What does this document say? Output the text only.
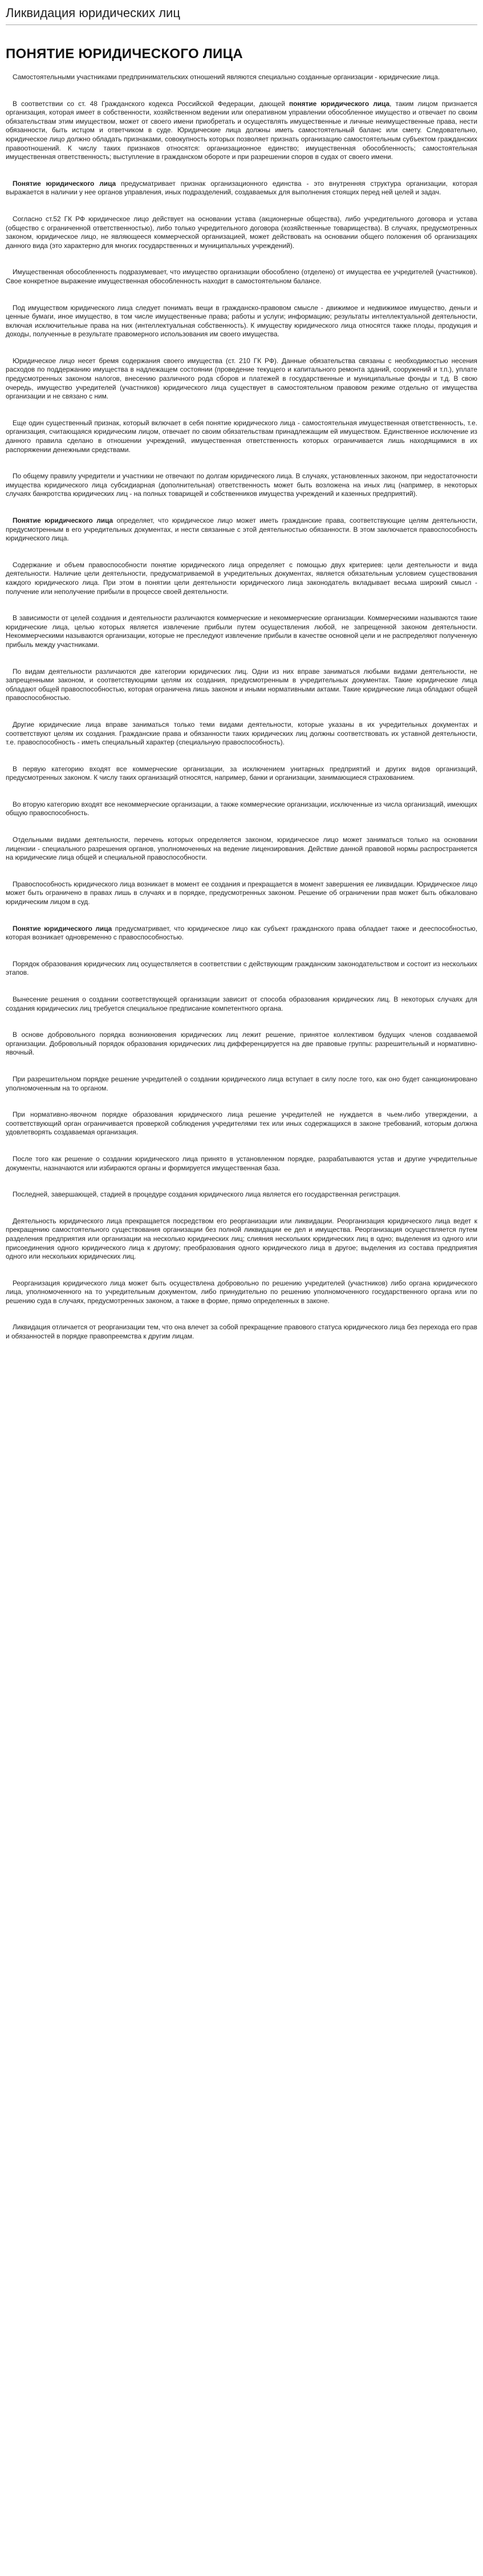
Ликвидация юридических лиц
ПОНЯТИЕ ЮРИДИЧЕСКОГО ЛИЦА

Самостоятельными участниками предпринимательских отношений являются специально созданные организации - юридические лица.

В соответствии со ст. 48 Гражданского кодекса Российской Федерации, дающей понятие юридического лица, таким лицом признается организация, которая имеет в собственности, хозяйственном ведении или оперативном управлении обособленное имущество и отвечает по своим обязательствам этим имуществом, может от своего имени приобретать и осуществлять имущественные и личные неимущественные права, нести обязанности, быть истцом и ответчиком в суде. Юридические лица должны иметь самостоятельный баланс или смету. Следовательно, юридическое лицо должно обладать признаками, совокупность которых позволяет признать организацию самостоятельным субъектом гражданских правоотношений. К числу таких признаков относятся: организационное единство; имущественная обособленность; самостоятельная имущественная ответственность; выступление в гражданском обороте и при разрешении споров в судах от своего имени.

Понятие юридического лица предусматривает признак организационного единства - это внутренняя структура организации, которая выражается в наличии у нее органов управления, иных подразделений, создаваемых для выполнения стоящих перед ней целей и задач.

Согласно ст.52 ГК РФ юридическое лицо действует на основании устава (акционерные общества), либо учредительного договора и устава (общество с ограниченной ответственностью), либо только учредительного договора (хозяйственные товарищества). В случаях, предусмотренных законом, юридическое лицо, не являющееся коммерческой организацией, может действовать на основании общего положения об организациях данного вида (это характерно для многих государственных и муниципальных учреждений).

Имущественная обособленность подразумевает, что имущество организации обособлено (отделено) от имущества ее учредителей (участников). Свое конкретное выражение имущественная обособленность находит в самостоятельном балансе.

Под имуществом юридического лица следует понимать вещи в гражданско-правовом смысле - движимое и недвижимое имущество, деньги и ценные бумаги, иное имущество, в том числе имущественные права; работы и услуги; информацию; результаты интеллектуальной деятельности, включая исключительные права на них (интеллектуальная собственность). К имуществу юридического лица относятся также плоды, продукция и доходы, полученные в результате правомерного использования им своего имущества.

Юридическое лицо несет бремя содержания своего имущества (ст. 210 ГК РФ). Данные обязательства связаны с необходимостью несения расходов по поддержанию имущества в надлежащем состоянии (проведение текущего и капитального ремонта зданий, сооружений и т.п.), уплате предусмотренных законом налогов, внесению различного рода сборов и платежей в государственные и муниципальные фонды и т.д. В свою очередь, имущество учредителей (участников) юридического лица существует в самостоятельном правовом режиме отдельно от имущества организации и не связано с ним.

Еще один существенный признак, который включает в себя понятие юридического лица - самостоятельная имущественная ответственность, т.е. организация, считающаяся юридическим лицом, отвечает по своим обязательствам принадлежащим ей имуществом. Единственное исключение из данного правила сделано в отношении учреждений, имущественная ответственность которых ограничивается лишь находящимися в их распоряжении денежными средствами.

По общему правилу учредители и участники не отвечают по долгам юридического лица. В случаях, установленных законом, при недостаточности имущества юридического лица субсидиарная (дополнительная) ответственность может быть возложена на иных лиц (например, в некоторых случаях банкротства юридических лиц - на полных товарищей и собственников имущества учреждений и казенных предприятий).

Понятие юридического лица определяет, что юридическое лицо может иметь гражданские права, соответствующие целям деятельности, предусмотренным в его учредительных документах, и нести связанные с этой деятельностью обязанности. В этом заключается правоспособность юридического лица.

Содержание и объем правоспособности понятие юридического лица определяет с помощью двух критериев: цели деятельности и вида деятельности. Наличие цели деятельности, предусматриваемой в учредительных документах, является обязательным условием существования каждого юридического лица. При этом в понятии цели деятельности юридического лица законодатель вкладывает весьма широкий смысл - получение или неполучение прибыли в процессе своей деятельности.

В зависимости от целей создания и деятельности различаются коммерческие и некоммерческие организации. Коммерческими называются такие юридические лица, целью которых является извлечение прибыли путем осуществления любой, не запрещенной законом деятельности. Некоммерческими называются организации, которые не преследуют извлечение прибыли в качестве основной цели и не распределяют полученную прибыль между участниками.

По видам деятельности различаются две категории юридических лиц. Одни из них вправе заниматься любыми видами деятельности, не запрещенными законом, и соответствующими целям их создания, предусмотренным в учредительных документах. Такие юридические лица обладают общей правоспособностью, которая ограничена лишь законом и иными нормативными актами. Такие юридические лица обладают общей правоспособностью.

Другие юридические лица вправе заниматься только теми видами деятельности, которые указаны в их учредительных документах и соответствуют целям их создания. Гражданские права и обязанности таких юридических лиц должны соответствовать их уставной деятельности, т.е. правоспособность - иметь специальный характер (специальную правоспособность).

В первую категорию входят все коммерческие организации, за исключением унитарных предприятий и других видов организаций, предусмотренных законом. К числу таких организаций относятся, например, банки и организации, занимающиеся страхованием.

Во вторую категорию входят все некоммерческие организации, а также коммерческие организации, исключенные из числа организаций, имеющих общую правоспособность.

Отдельными видами деятельности, перечень которых определяется законом, юридическое лицо может заниматься только на основании лицензии - специального разрешения органов, уполномоченных на ведение лицензирования. Действие данной правовой нормы распространяется на юридические лица общей и специальной правоспособности.

Правоспособность юридического лица возникает в момент ее создания и прекращается в момент завершения ее ликвидации. Юридическое лицо может быть ограничено в правах лишь в случаях и в порядке, предусмотренных законом. Решение об ограничении прав может быть обжаловано юридическим лицом в суд.

Понятие юридического лица предусматривает, что юридическое лицо как субъект гражданского права обладает также и дееспособностью, которая возникает одновременно с правоспособностью.

Порядок образования юридических лиц осуществляется в соответствии с действующим гражданским законодательством и состоит из нескольких этапов.

Вынесение решения о создании соответствующей организации зависит от способа образования юридических лиц. В некоторых случаях для создания юридических лиц требуется специальное предписание компетентного органа.

В основе добровольного порядка возникновения юридических лиц лежит решение, принятое коллективом будущих членов создаваемой организации. Добровольный порядок образования юридических лиц дифференцируется на две правовые группы: разрешительный и нормативно-явочный.

При разрешительном порядке решение учредителей о создании юридического лица вступает в силу после того, как оно будет санкционировано уполномоченным на то органом.

При нормативно-явочном порядке образования юридического лица решение учредителей не нуждается в чьем-либо утверждении, а соответствующий орган ограничивается проверкой соблюдения учредителями тех или иных содержащихся в законе требований, которым должна удовлетворять создаваемая организация.

После того как решение о создании юридического лица принято в установленном порядке, разрабатываются устав и другие учредительные документы, назначаются или избираются органы и формируется имущественная база.

Последней, завершающей, стадией в процедуре создания юридического лица является его государственная регистрация.

Деятельность юридического лица прекращается посредством его реорганизации или ликвидации. Реорганизация юридического лица ведет к прекращению самостоятельного существования организации без полной ликвидации ее дел и имущества. Реорганизация осуществляется путем разделения предприятия или организации на несколько юридических лиц; слияния нескольких юридических лиц в одно; выделения из одного или присоединения одного юридического лица к другому; преобразования одного юридического лица в другое; выделения из состава предприятия одного или нескольких юридических лиц.

Реорганизация юридического лица может быть осуществлена добровольно по решению учредителей (участников) либо органа юридического лица, уполномоченного на то учредительным документом, либо принудительно по решению уполномоченного государственного органа или по решению суда в случаях, предусмотренных законом, а также в форме, прямо определенных в законе.

Ликвидация отличается от реорганизации тем, что она влечет за собой прекращение правового статуса юридического лица без перехода его прав и обязанностей в порядке правопреемства к другим лицам.
